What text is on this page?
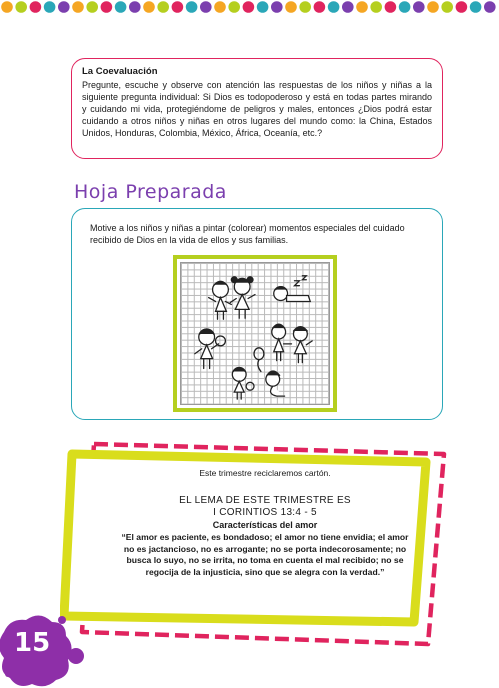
La Coevaluación
Pregunte, escuche y observe con atención las respuestas de los niños y niñas a la siguiente pregunta individual: Si Dios es todopoderoso y está en todas partes mirando y cuidando mi vida, protegiéndome de peligros y males, entonces ¿Dios podrá estar cuidando a otros niños y niñas en otros lugares del mundo como: la China, Estados Unidos, Honduras, Colombia, México, África, Oceanía, etc.?
Hoja Preparada
Motive a los niños y niñas a pintar (colorear) momentos especiales del cuidado recibido de Dios en la vida de ellos y sus familias.
Este trimestre reciclaremos cartón.
EL LEMA DE ESTE TRIMESTRE ES
I CORINTIOS 13:4 - 5
Características del amor
“El amor es paciente, es bondadoso; el amor no tiene envidia; el amor no es jactancioso, no es arrogante; no se porta indecorosamente; no busca lo suyo, no se irrita, no toma en cuenta el mal recibido; no se regocija de la injusticia, sino que se alegra con la verdad.”
15
